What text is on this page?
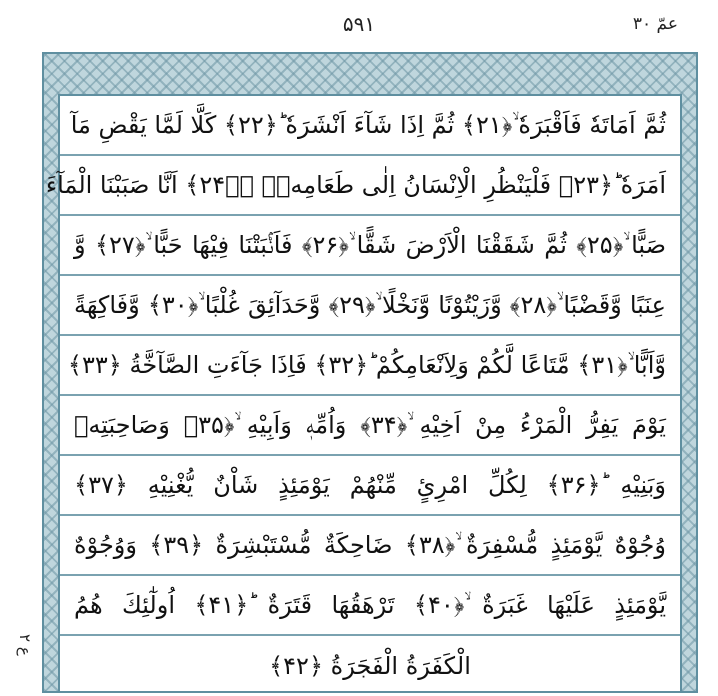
۵۹۱	عمّ ۳۰
ع ۲
ثُمَّ اَمَاتَهٗ فَاَقْبَرَهٗ ۙ﴿۲۱﴾ ثُمَّ اِذَا شَآءَ اَنْشَرَهٗ ؕ﴿۲۲﴾ كَلَّا لَمَّا يَقْضِ مَآ
اَمَرَهٗ ؕ﴿۲۳﴾ فَلْيَنْظُرِ الْاِنْسَانُ اِلٰى طَعَامِهٖۤ ۙ﴿۲۴﴾ اَنَّا صَبَبْنَا الْمَآءَ
صَبًّا ۙ﴿۲۵﴾ ثُمَّ شَقَقْنَا الْاَرْضَ شَقًّا ۙ﴿۲۶﴾ فَاَنْۢبَتْنَا فِيْهَا حَبًّا ۙ﴿۲۷﴾ وَّ
عِنَبًا وَّقَضْبًا ۙ﴿۲۸﴾ وَّزَيْتُوْنًا وَّنَخْلًا ۙ﴿۲۹﴾ وَّحَدَآئِقَ غُلْبًا ۙ﴿۳۰﴾ وَّفَاكِهَةً
وَّاَبًّا ۙ﴿۳۱﴾ مَّتَاعًا لَّكُمْ وَلِاَنْعَامِكُمْ ؕ﴿۳۲﴾ فَاِذَا جَآءَتِ الصَّآخَّةُ ﴿۳۳﴾
يَوْمَ يَفِرُّ الْمَرْءُ مِنْ اَخِيْهِ ۙ﴿۳۴﴾ وَاُمِّهٖ وَاَبِيْهِ ۙ﴿۳۵﴾ وَصَاحِبَتِهٖ
وَبَنِيْهِ ؕ﴿۳۶﴾ لِكُلِّ امْرِئٍ مِّنْهُمْ يَوْمَئِذٍ شَاْنٌ يُّغْنِيْهِ ﴿۳۷﴾
وُجُوْهٌ يَّوْمَئِذٍ مُّسْفِرَةٌ ۙ﴿۳۸﴾ ضَاحِكَةٌ مُّسْتَبْشِرَةٌ ﴿۳۹﴾ وَوُجُوْهٌ
يَّوْمَئِذٍ عَلَيْهَا غَبَرَةٌ ۙ﴿۴۰﴾ تَرْهَقُهَا قَتَرَةٌ ؕ﴿۴۱﴾ اُولٰٓئِكَ هُمُ
الْكَفَرَةُ الْفَجَرَةُ ﴿۴۲﴾
